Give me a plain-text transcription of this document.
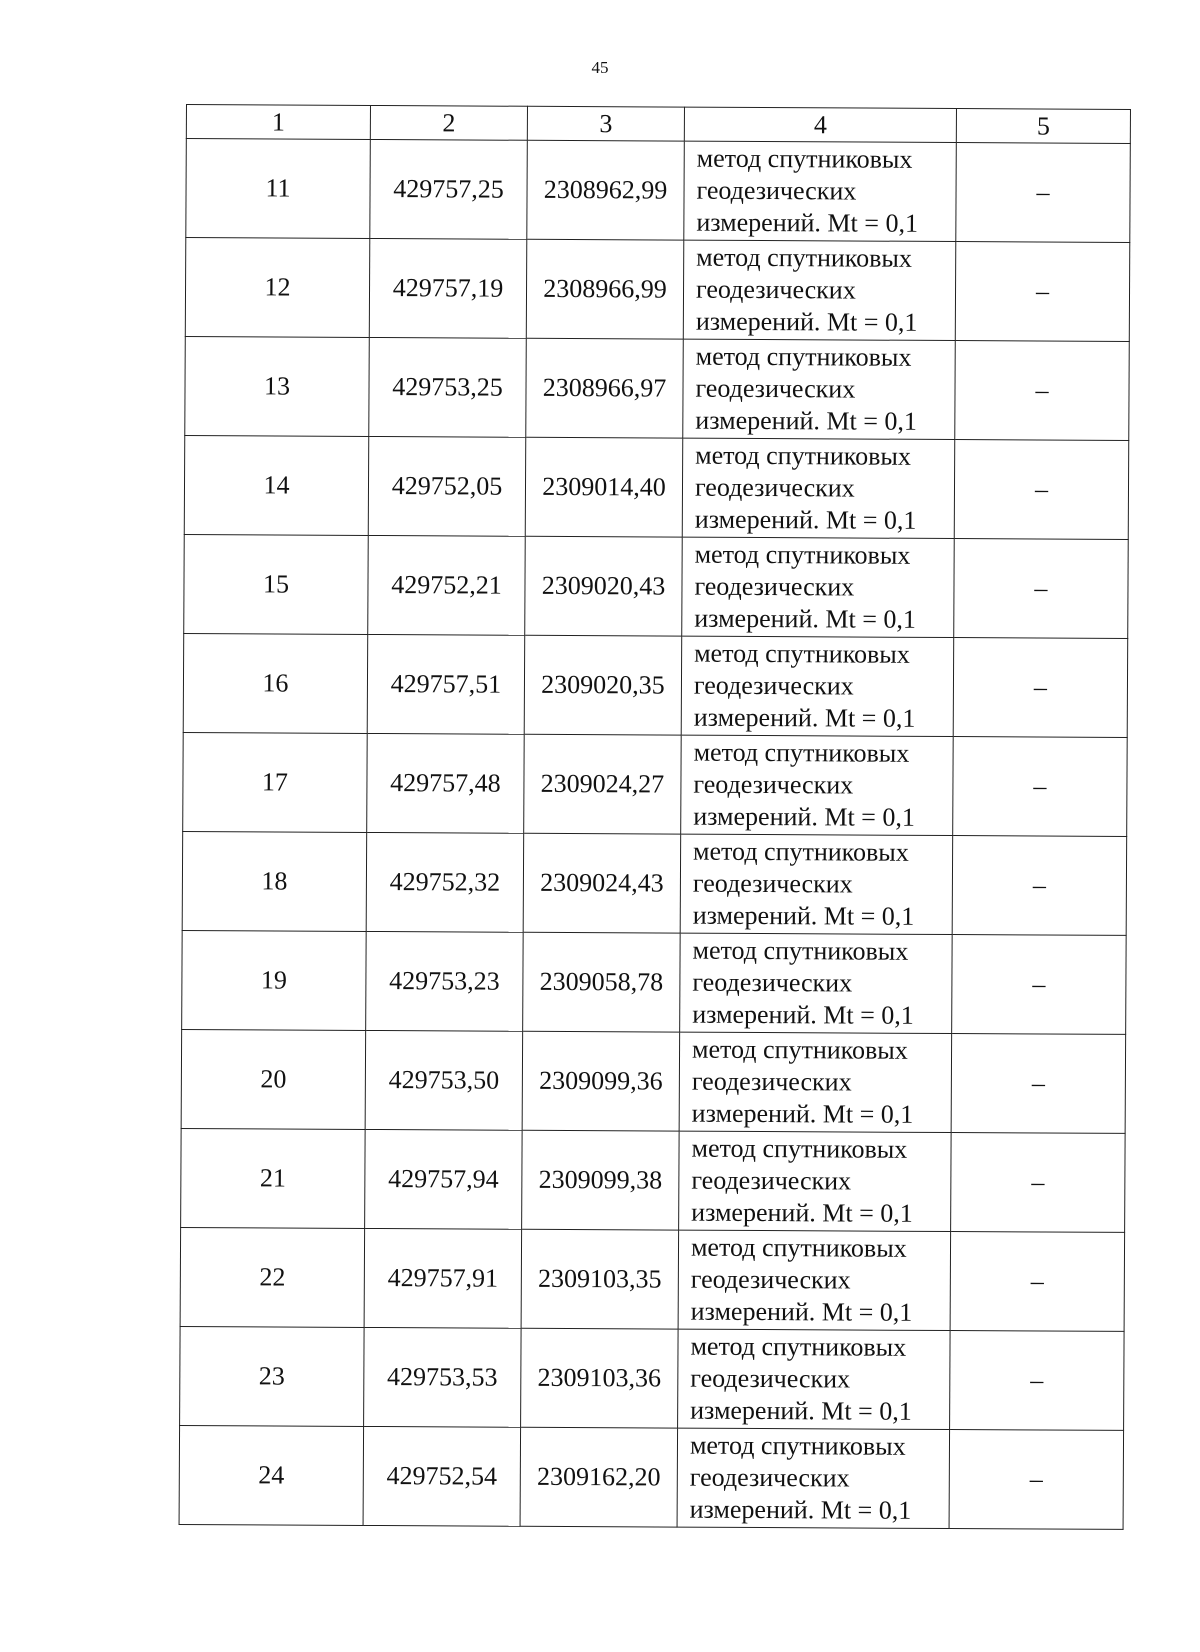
45
1	2	3	4	5
11	429757,25	2308962,99	метод спутниковых
геодезических
измерений. Mt = 0,1	–
12	429757,19	2308966,99	метод спутниковых
геодезических
измерений. Mt = 0,1	–
13	429753,25	2308966,97	метод спутниковых
геодезических
измерений. Mt = 0,1	–
14	429752,05	2309014,40	метод спутниковых
геодезических
измерений. Mt = 0,1	–
15	429752,21	2309020,43	метод спутниковых
геодезических
измерений. Mt = 0,1	–
16	429757,51	2309020,35	метод спутниковых
геодезических
измерений. Mt = 0,1	–
17	429757,48	2309024,27	метод спутниковых
геодезических
измерений. Mt = 0,1	–
18	429752,32	2309024,43	метод спутниковых
геодезических
измерений. Mt = 0,1	–
19	429753,23	2309058,78	метод спутниковых
геодезических
измерений. Mt = 0,1	–
20	429753,50	2309099,36	метод спутниковых
геодезических
измерений. Mt = 0,1	–
21	429757,94	2309099,38	метод спутниковых
геодезических
измерений. Mt = 0,1	–
22	429757,91	2309103,35	метод спутниковых
геодезических
измерений. Mt = 0,1	–
23	429753,53	2309103,36	метод спутниковых
геодезических
измерений. Mt = 0,1	–
24	429752,54	2309162,20	метод спутниковых
геодезических
измерений. Mt = 0,1	–
